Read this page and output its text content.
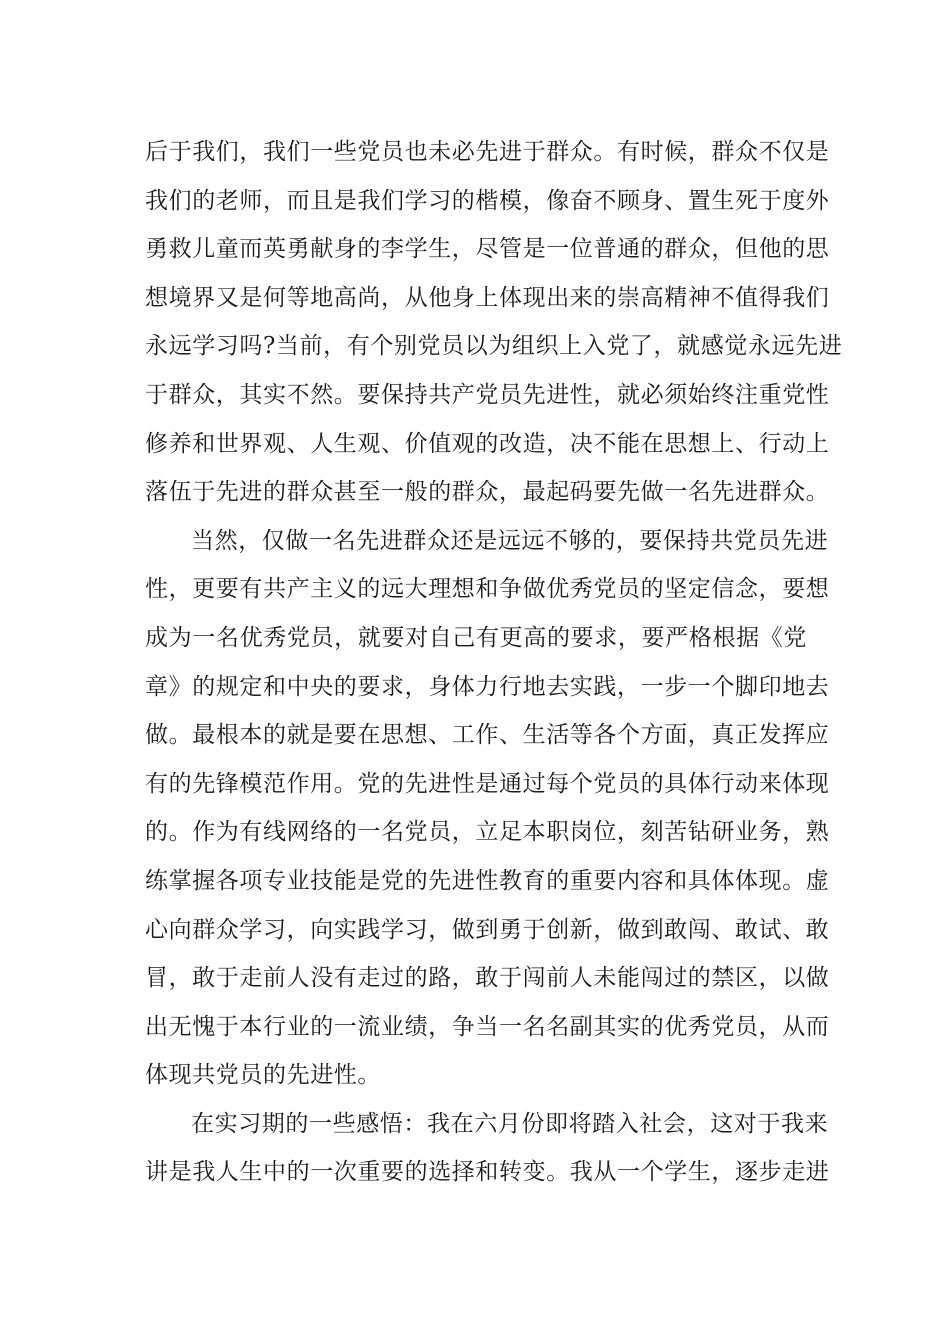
后于我们，我们一些党员也未必先进于群众。有时候，群众不仅是
我们的老师，而且是我们学习的楷模，像奋不顾身、置生死于度外
勇救儿童而英勇献身的李学生，尽管是一位普通的群众，但他的思
想境界又是何等地高尚，从他身上体现出来的崇高精神不值得我们
永远学习吗?当前，有个别党员以为组织上入党了，就感觉永远先进
于群众，其实不然。要保持共产党员先进性，就必须始终注重党性
修养和世界观、人生观、价值观的改造，决不能在思想上、行动上
落伍于先进的群众甚至一般的群众，最起码要先做一名先进群众。
当然，仅做一名先进群众还是远远不够的，要保持共党员先进
性，更要有共产主义的远大理想和争做优秀党员的坚定信念，要想
成为一名优秀党员，就要对自己有更高的要求，要严格根据《党
章》的规定和中央的要求，身体力行地去实践，一步一个脚印地去
做。最根本的就是要在思想、工作、生活等各个方面，真正发挥应
有的先锋模范作用。党的先进性是通过每个党员的具体行动来体现
的。作为有线网络的一名党员，立足本职岗位，刻苦钻研业务，熟
练掌握各项专业技能是党的先进性教育的重要内容和具体体现。虚
心向群众学习，向实践学习，做到勇于创新，做到敢闯、敢试、敢
冒，敢于走前人没有走过的路，敢于闯前人未能闯过的禁区，以做
出无愧于本行业的一流业绩，争当一名名副其实的优秀党员，从而
体现共党员的先进性。
在实习期的一些感悟：我在六月份即将踏入社会，这对于我来
讲是我人生中的一次重要的选择和转变。我从一个学生，逐步走进
